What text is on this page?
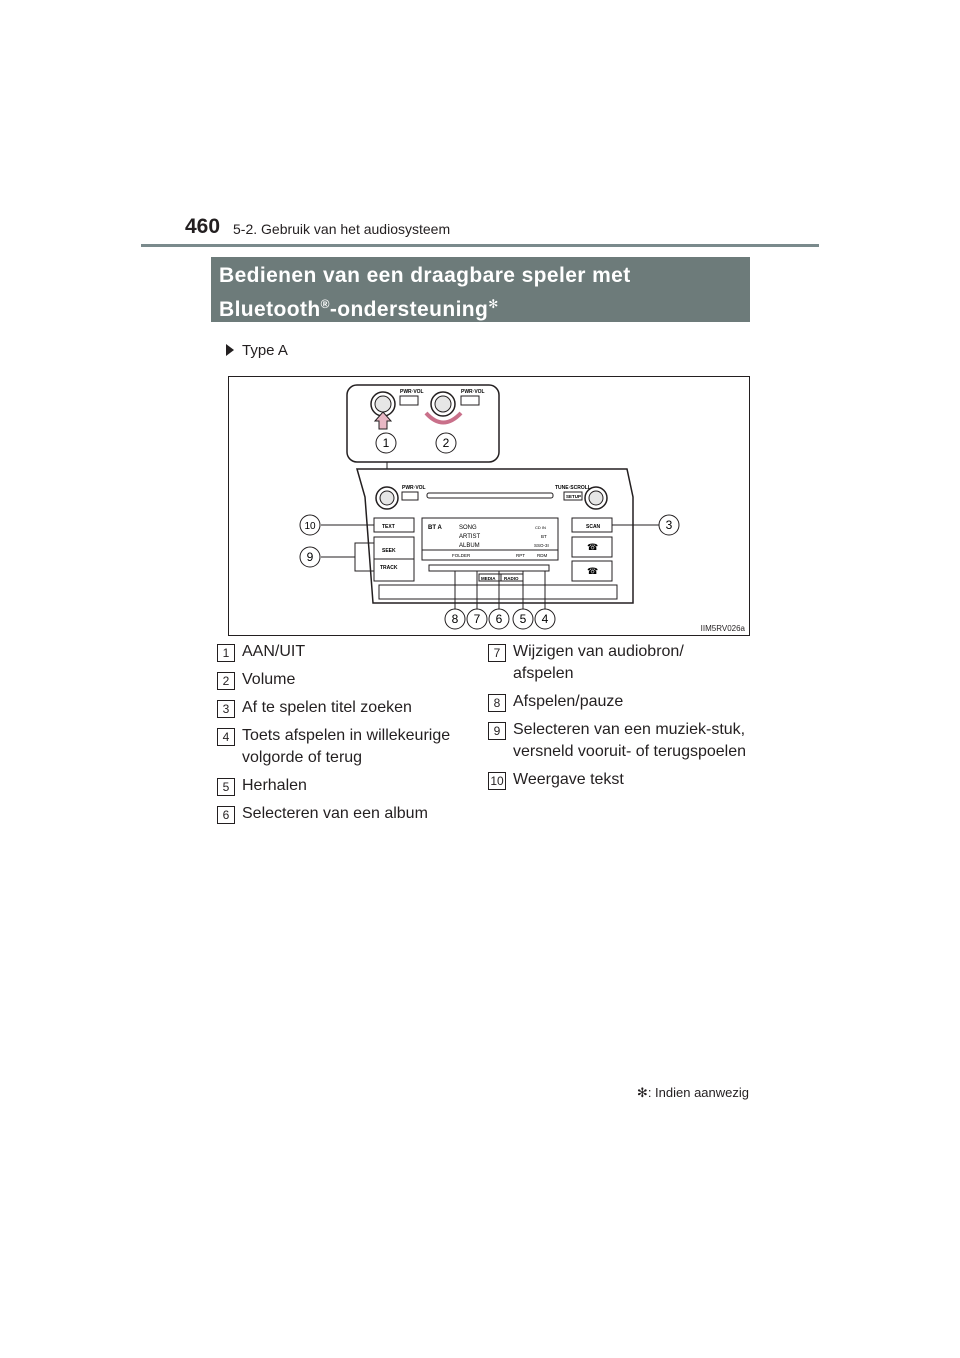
460 5-2. Gebruik van het audiosysteem
Bedienen van een draagbare speler met
Bluetooth®-ondersteuning✻
Type A
PWR·VOL	PWR·VOL
PWR·VOL	TUNE·SCROLL
SETUP
TEXT
SEEK
TRACK
BT A	SONG
ARTIST
ALBUM
CD IN
BT
SSO-3I
FOLDER	RPT	RDM
SCAN
☎
☎
MEDIA RADIO
1	2
3
4
5
6
7
8
9
10
IIM5RV026a
1 AAN/UIT
2 Volume
3 Af te spelen titel zoeken
4 Toets afspelen in willekeurige volgorde of terug
5 Herhalen
6 Selecteren van een album
7 Wijzigen van audiobron/ afspelen
8 Afspelen/pauze
9 Selecteren van een muziek-stuk, versneld vooruit- of terugspoelen
10 Weergave tekst
✻: Indien aanwezig
